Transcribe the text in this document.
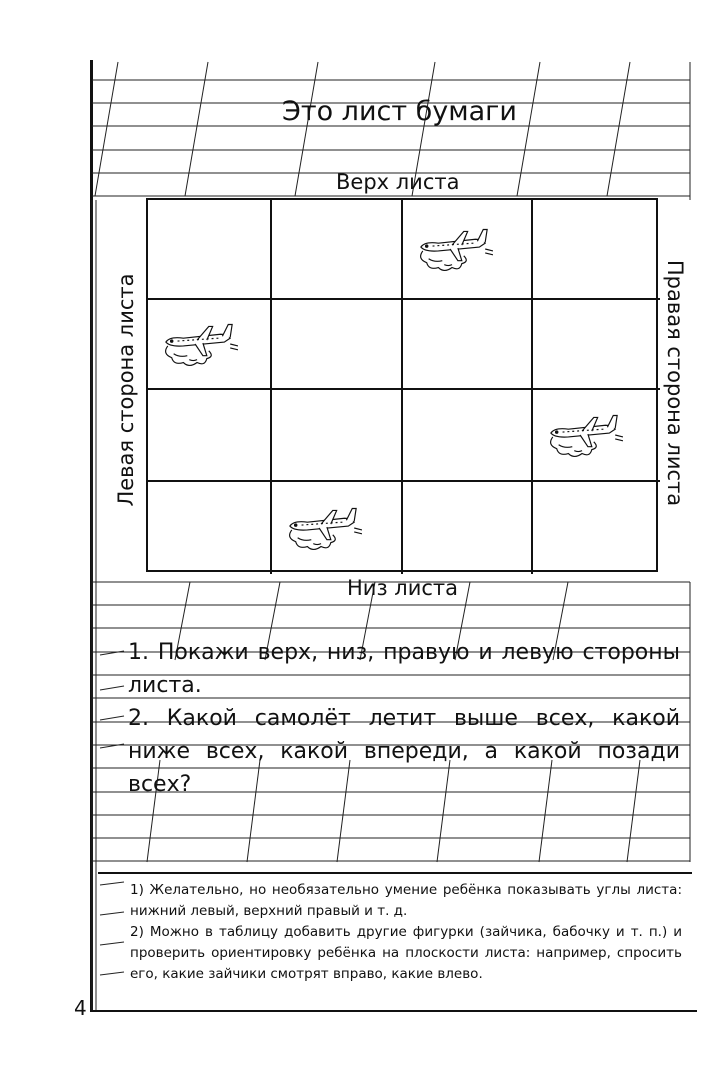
Это лист бумаги
Верх листа
Низ листа
Левая сторона листа	Правая сторона листа

1. Покажи верх, низ, правую и левую стороны листа.

2. Какой самолёт летит выше всех, какой ниже всех, какой впереди, а какой позади всех?

1) Желательно, но необязательно умение ребёнка показывать углы листа: нижний левый, верхний правый и т. д.

2) Можно в таблицу добавить другие фигурки (зайчика, бабочку и т. п.) и проверить ориентировку ребёнка на плоскости листа: например, спросить его, какие зайчики смотрят вправо, какие влево.

4
